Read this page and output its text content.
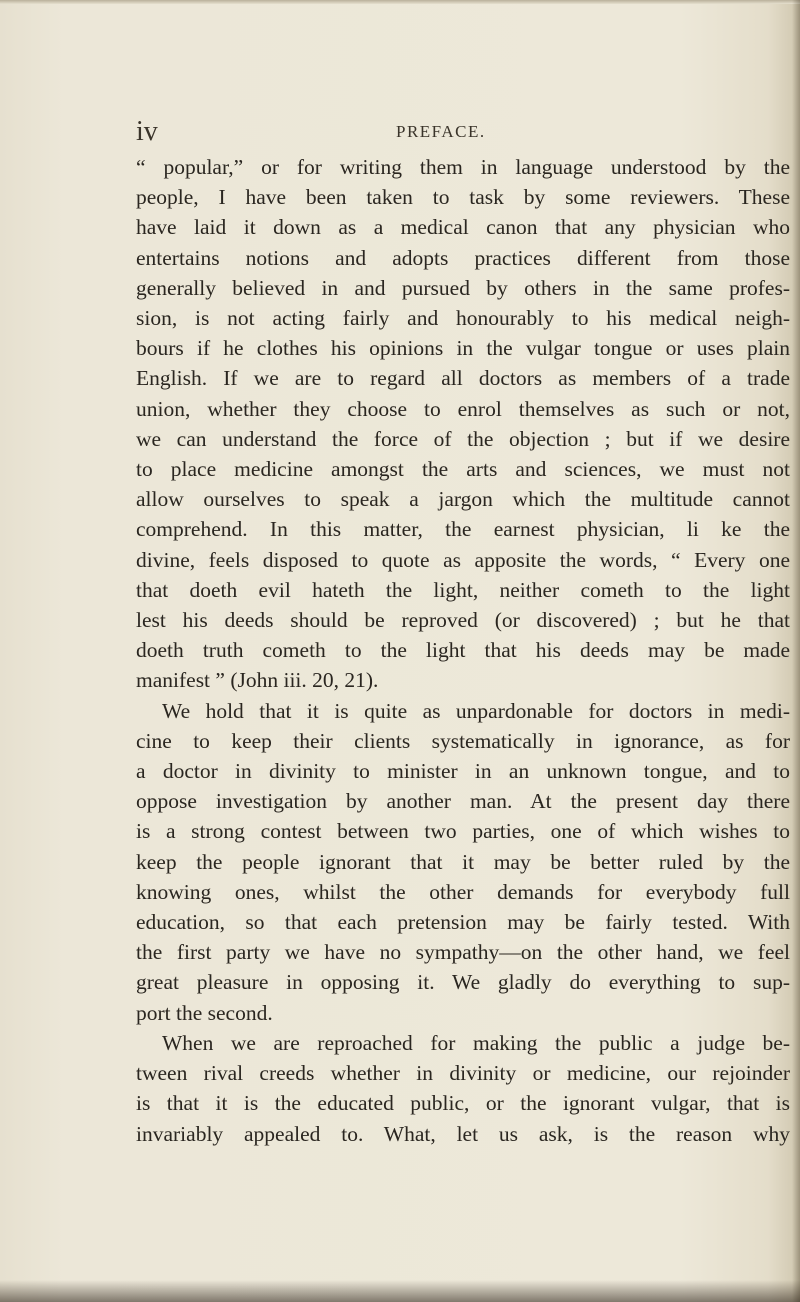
iv	PREFACE.

“ popular,” or for writing them in language understood by the

people, I have been taken to task by some reviewers. These

have laid it down as a medical canon that any physician who

entertains notions and adopts practices different from those

generally believed in and pursued by others in the same profes-

sion, is not acting fairly and honourably to his medical neigh-

bours if he clothes his opinions in the vulgar tongue or uses plain

English. If we are to regard all doctors as members of a trade

union, whether they choose to enrol themselves as such or not,

we can understand the force of the objection ; but if we desire

to place medicine amongst the arts and sciences, we must not

allow ourselves to speak a jargon which the multitude cannot

comprehend. In this matter, the earnest physician, li ke the

divine, feels disposed to quote as apposite the words, “ Every one

that doeth evil hateth the light, neither cometh to the light

lest his deeds should be reproved (or discovered) ; but he that

doeth truth cometh to the light that his deeds may be made

manifest ” (John iii. 20, 21).

We hold that it is quite as unpardonable for doctors in medi-

cine to keep their clients systematically in ignorance, as for

a doctor in divinity to minister in an unknown tongue, and to

oppose investigation by another man. At the present day there

is a strong contest between two parties, one of which wishes to

keep the people ignorant that it may be better ruled by the

knowing ones, whilst the other demands for everybody full

education, so that each pretension may be fairly tested. With

the first party we have no sympathy—on the other hand, we feel

great pleasure in opposing it. We gladly do everything to sup-

port the second.

When we are reproached for making the public a judge be-

tween rival creeds whether in divinity or medicine, our rejoinder

is that it is the educated public, or the ignorant vulgar, that is

invariably appealed to. What, let us ask, is the reason why
